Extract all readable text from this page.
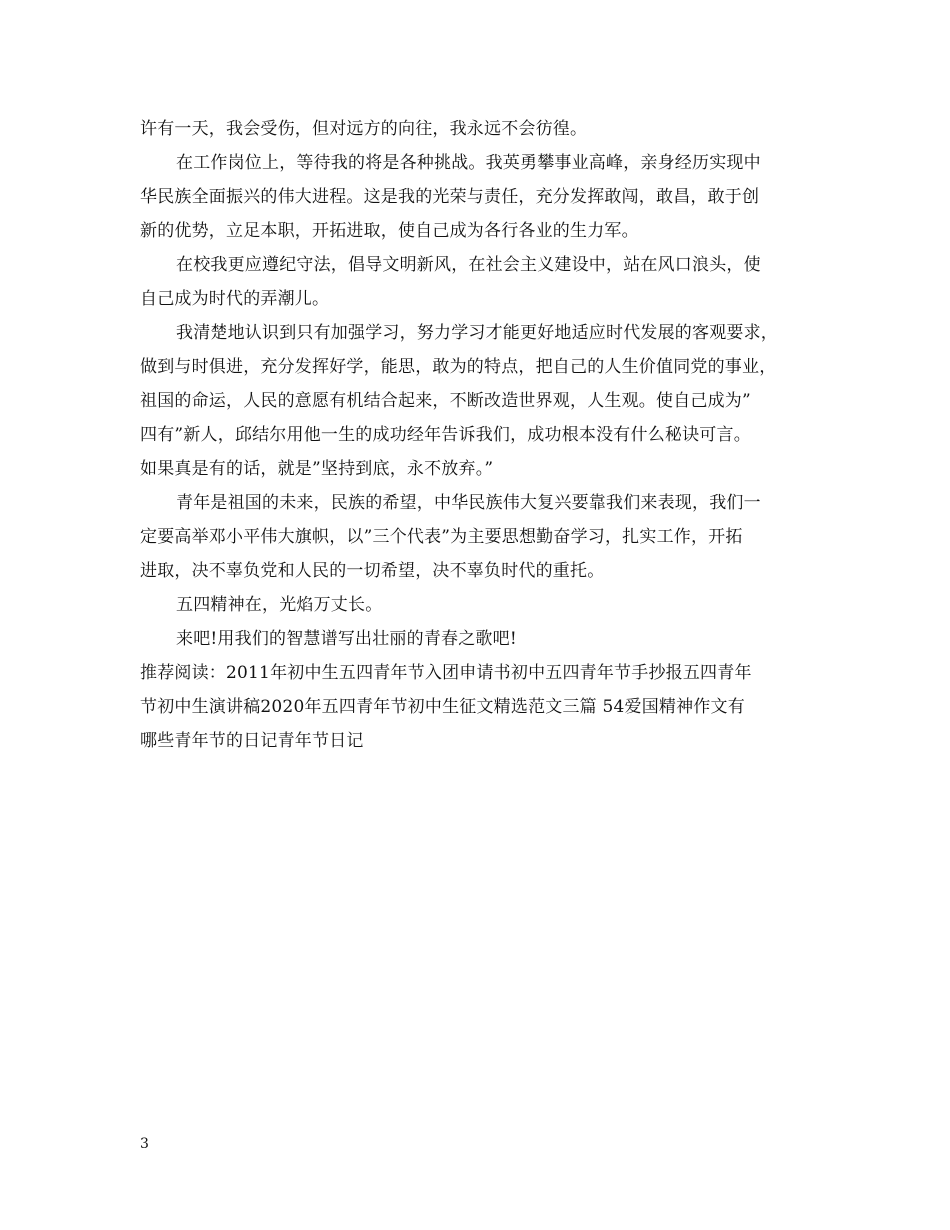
许有一天，我会受伤，但对远方的向往，我永远不会彷徨。
在工作岗位上，等待我的将是各种挑战。我英勇攀事业高峰，亲身经历实现中
华民族全面振兴的伟大进程。这是我的光荣与责任，充分发挥敢闯，敢昌，敢于创
新的优势，立足本职，开拓进取，使自己成为各行各业的生力军。
在校我更应遵纪守法，倡导文明新风，在社会主义建设中，站在风口浪头，使
自己成为时代的弄潮儿。
我清楚地认识到只有加强学习，努力学习才能更好地适应时代发展的客观要求，
做到与时俱进，充分发挥好学，能思，敢为的特点，把自己的人生价值同党的事业，
祖国的命运，人民的意愿有机结合起来，不断改造世界观，人生观。使自己成为”
四有”新人，邱结尔用他一生的成功经年告诉我们，成功根本没有什么秘诀可言。
如果真是有的话，就是”坚持到底，永不放弃。”
青年是祖国的未来，民族的希望，中华民族伟大复兴要靠我们来表现，我们一
定要高举邓小平伟大旗帜，以”三个代表”为主要思想勤奋学习，扎实工作，开拓
进取，决不辜负党和人民的一切希望，决不辜负时代的重托。
五四精神在，光焰万丈长。
来吧!用我们的智慧谱写出壮丽的青春之歌吧!
推荐阅读：2011年初中生五四青年节入团申请书初中五四青年节手抄报五四青年
节初中生演讲稿2020年五四青年节初中生征文精选范文三篇 54爱国精神作文有
哪些青年节的日记青年节日记
3
